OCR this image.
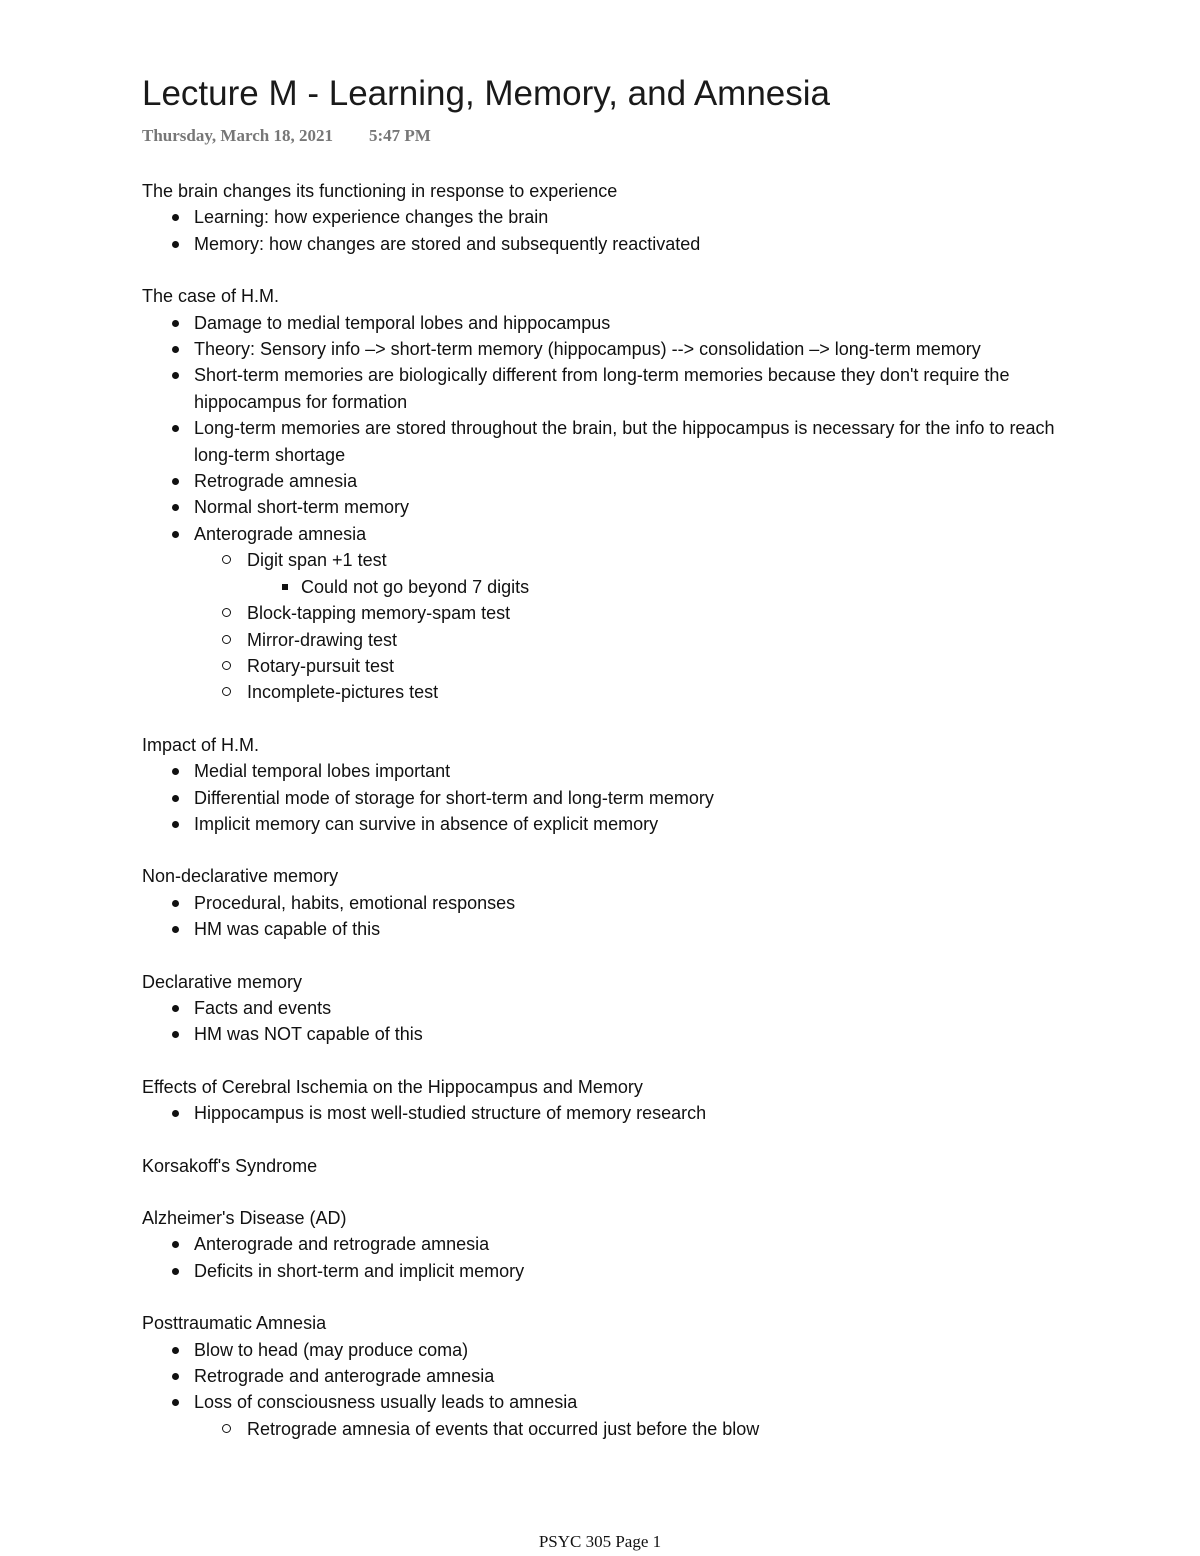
Lecture M - Learning, Memory, and Amnesia
Thursday, March 18, 2021 5:47 PM

The brain changes its functioning in response to experience

Learning: how experience changes the brain
Memory: how changes are stored and subsequently reactivated

The case of H.M.

Damage to medial temporal lobes and hippocampus
Theory: Sensory info –> short-term memory (hippocampus) --> consolidation –> long-term memory
Short-term memories are biologically different from long-term memories because they don't require the hippocampus for formation
Long-term memories are stored throughout the brain, but the hippocampus is necessary for the info to reach long-term shortage
Retrograde amnesia
Normal short-term memory
Anterograde amnesia
Digit span +1 test
Could not go beyond 7 digits
Block-tapping memory-spam test
Mirror-drawing test
Rotary-pursuit test
Incomplete-pictures test

Impact of H.M.

Medial temporal lobes important
Differential mode of storage for short-term and long-term memory
Implicit memory can survive in absence of explicit memory

Non-declarative memory

Procedural, habits, emotional responses
HM was capable of this

Declarative memory

Facts and events
HM was NOT capable of this

Effects of Cerebral Ischemia on the Hippocampus and Memory

Hippocampus is most well-studied structure of memory research

Korsakoff's Syndrome

Alzheimer's Disease (AD)

Anterograde and retrograde amnesia
Deficits in short-term and implicit memory

Posttraumatic Amnesia

Blow to head (may produce coma)
Retrograde and anterograde amnesia
Loss of consciousness usually leads to amnesia
Retrograde amnesia of events that occurred just before the blow
PSYC 305 Page 1
